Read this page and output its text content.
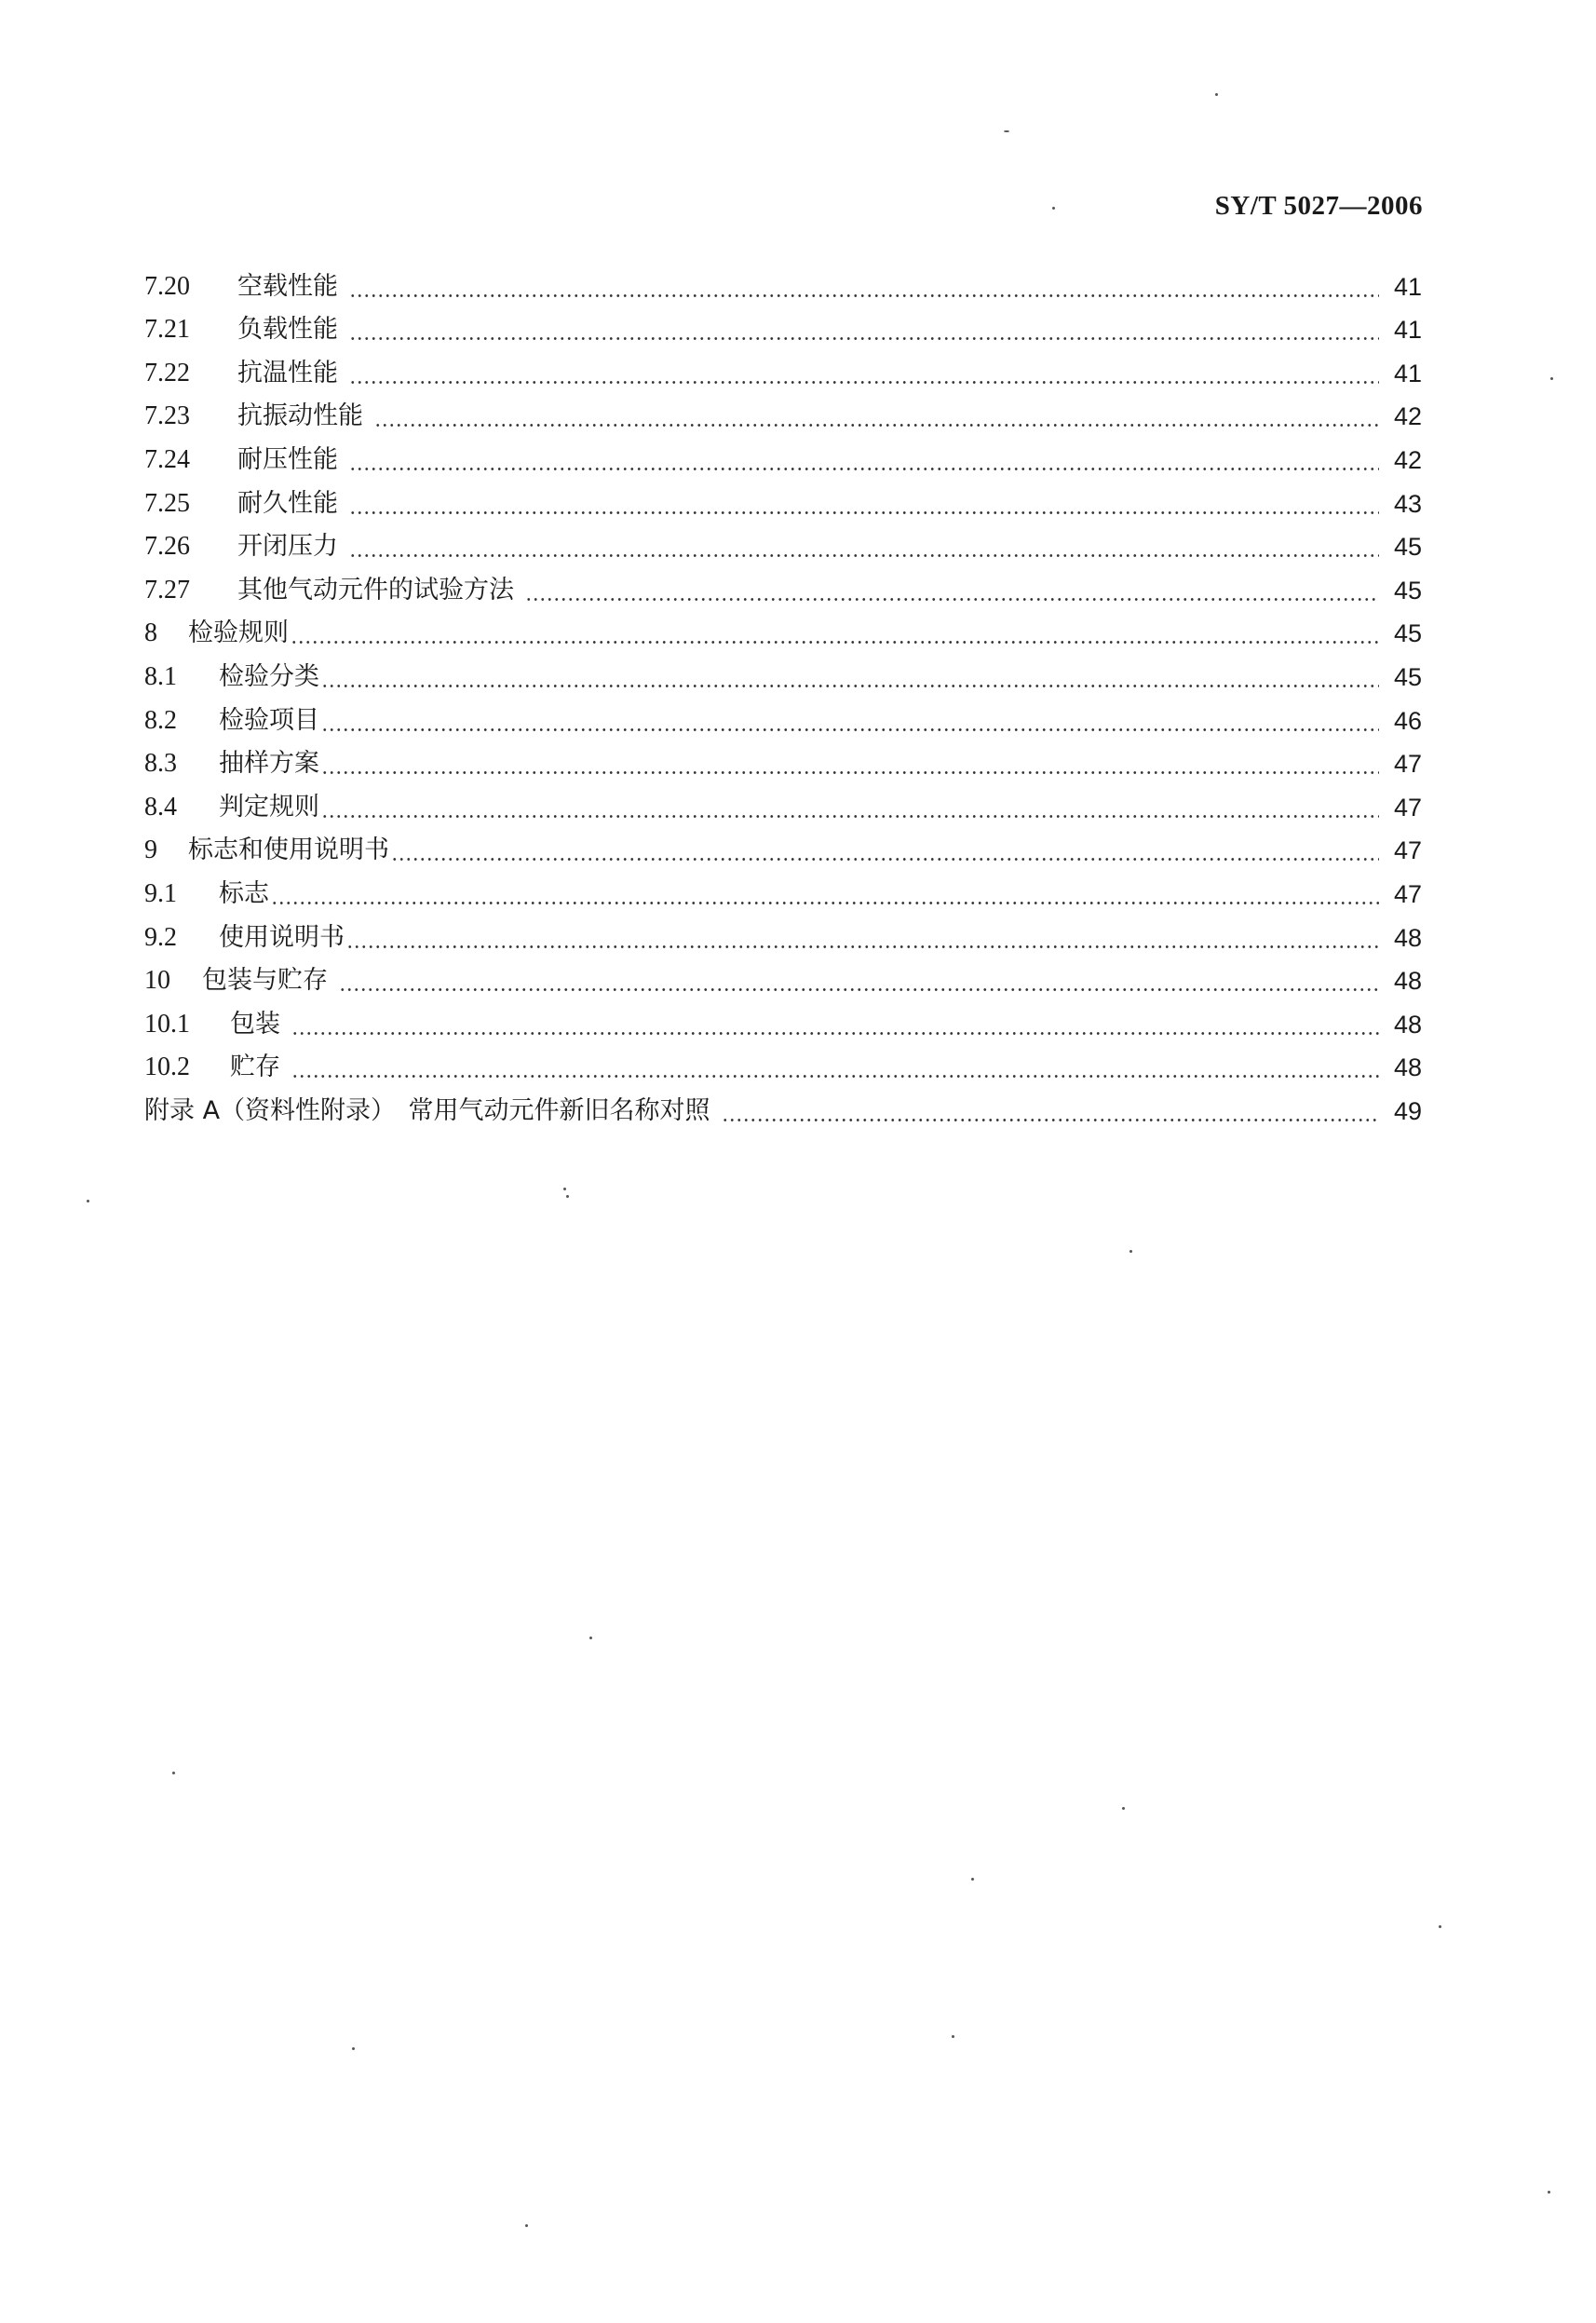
SY/T 5027—2006
7.20	空载性能	41
7.21	负载性能	41
7.22	抗温性能	41
7.23	抗振动性能	42
7.24	耐压性能	42
7.25	耐久性能	43
7.26	开闭压力	45
7.27	其他气动元件的试验方法	45
8	检验规则	45
8.1	检验分类	45
8.2	检验项目	46
8.3	抽样方案	47
8.4	判定规则	47
9	标志和使用说明书	47
9.1	标志	47
9.2	使用说明书	48
10	包装与贮存	48
10.1	包装	48
10.2	贮存	48
附录 A （资料性附录）　常用气动元件新旧名称对照	49
